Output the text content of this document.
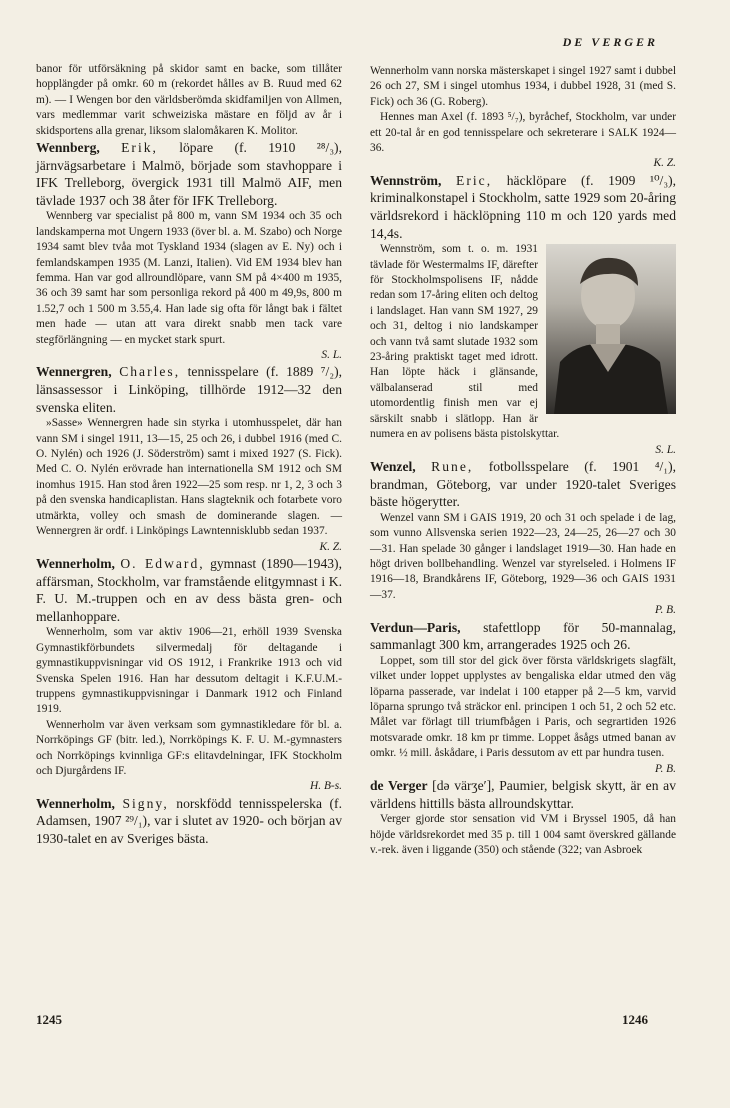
DE VERGER

banor för utförsäkning på skidor samt en backe, som tillåter hopplängder på omkr. 60 m (rekordet hålles av B. Ruud med 62 m). — I Wengen bor den världsberömda skidfamiljen von Allmen, vars medlemmar varit schweiziska mästare en följd av år i skidsportens alla grenar, liksom slalomåkaren K. Molitor.

Wennberg, Erik, löpare (f. 1910 ²⁸/₃), järnvägsarbetare i Malmö, började som stavhoppare i IFK Trelleborg, övergick 1931 till Malmö AIF, men tävlade 1937 och 38 åter för IFK Trelleborg.

Wennberg var specialist på 800 m, vann SM 1934 och 35 och landskamperna mot Ungern 1933 (över bl. a. M. Szabo) och Norge 1934 samt blev tvåa mot Tyskland 1934 (slagen av E. Ny) och i femlandskampen 1935 (M. Lanzi, Italien). Vid EM 1934 blev han femma. Han var god allroundlöpare, vann SM på 4×400 m 1935, 36 och 39 samt har som personliga rekord på 400 m 49,9s, 800 m 1.52,7 och 1 500 m 3.55,4. Han lade sig ofta för långt bak i fältet men hade — utan att vara direkt snabb men tack vare stegförlängning — en mycket stark spurt.
S. L.

Wennergren, Charles, tennisspelare (f. 1889 ⁷/₂), länsassessor i Linköping, tillhörde 1912—32 den svenska eliten.

»Sasse» Wennergren hade sin styrka i utomhusspelet, där han vann SM i singel 1911, 13—15, 25 och 26, i dubbel 1916 (med C. O. Nylén) och 1926 (J. Söderström) samt i mixed 1927 (S. Fick). Med C. O. Nylén erövrade han internationella SM 1912 och SM inomhus 1915. Han stod åren 1922—25 som resp. nr 1, 2, 3 och 3 på den svenska handicaplistan. Hans slagteknik och fotarbete voro utmärkta, volley och smash de dominerande slagen. — Wennergren är ordf. i Linköpings Lawntennisklubb sedan 1937.
K. Z.

Wennerholm, O. Edward, gymnast (1890—1943), affärsman, Stockholm, var framstående elitgymnast i K. F. U. M.-truppen och en av dess bästa gren- och mellanhoppare.

Wennerholm, som var aktiv 1906—21, erhöll 1939 Svenska Gymnastikförbundets silvermedalj för deltagande i gymnastikuppvisningar vid OS 1912, i Frankrike 1913 och vid Svenska Spelen 1916. Han har dessutom deltagit i K.F.U.M.-truppens gymnastikuppvisningar i Danmark 1912 och Finland 1919.

Wennerholm var även verksam som gymnastikledare för bl. a. Norrköpings GF (bitr. led.), Norrköpings K. F. U. M.-gymnasters och Norrköpings kvinnliga GF:s elitavdelningar, IFK Stockholm och Djurgårdens IF.
H. B-s.

Wennerholm, Signy, norskfödd tennisspelerska (f. Adamsen, 1907 ²⁹/₁), var i slutet av 1920- och början av 1930-talet en av Sveriges bästa.

Wennerholm vann norska mästerskapet i singel 1927 samt i dubbel 26 och 27, SM i singel utomhus 1934, i dubbel 1928, 31 (med S. Fick) och 36 (G. Roberg).

Hennes man Axel (f. 1893 ⁵/₇), byråchef, Stockholm, var under ett 20-tal år en god tennisspelare och sekreterare i SALK 1924—36.
K. Z.

Wennström, Eric, häcklöpare (f. 1909 ¹⁰/₃), kriminalkonstapel i Stockholm, satte 1929 som 20-åring världsrekord i häcklöpning 110 m och 120 yards med 14,4s.

Wennström, som t. o. m. 1931 tävlade för Westermalms IF, därefter för Stockholmspolisens IF, nådde redan som 17-åring eliten och deltog i landslaget. Han vann SM 1927, 29 och 31, deltog i nio landskamper och vann två samt slutade 1932 som 23-åring praktiskt taget med idrott. Han löpte häck i glänsande, välbalanserad stil med utomordentlig finish men var ej särskilt snabb i slätlopp. Han är numera en av polisens bästa pistolskyttar.
S. L.

Wenzel, Rune, fotbollsspelare (f. 1901 ⁴/₁), brandman, Göteborg, var under 1920-talet Sveriges bäste högerytter.

Wenzel vann SM i GAIS 1919, 20 och 31 och spelade i de lag, som vunno Allsvenska serien 1922—23, 24—25, 26—27 och 30—31. Han spelade 30 gånger i landslaget 1919—30. Han hade en högt driven bollbehandling. Wenzel var styrelseled. i Holmens IF 1916—18, Brandkårens IF, Göteborg, 1929—36 och GAIS 1931—37.
P. B.

Verdun—Paris, stafettlopp för 50-mannalag, sammanlagt 300 km, arrangerades 1925 och 26.

Loppet, som till stor del gick över första världskrigets slagfält, vilket under loppet upplystes av bengaliska eldar utmed den väg löparna passerade, var indelat i 100 etapper på 2—5 km, varvid löparna sprungo två sträckor enl. principen 1 och 51, 2 och 52 etc. Målet var förlagt till triumfbågen i Paris, och segrartiden 1926 motsvarade omkr. 18 km pr timme. Loppet åsågs utmed banan av omkr. ½ mill. åskådare, i Paris dessutom av ett par hundra tusen.
P. B.

de Verger [də värʒe′], Paumier, belgisk skytt, är en av världens hittills bästa allroundskyttar.

Verger gjorde stor sensation vid VM i Bryssel 1905, då han höjde världsrekordet med 35 p. till 1 004 samt överskred gällande v.-rek. även i liggande (350) och stående (322; van Asbroek

1245	1246
